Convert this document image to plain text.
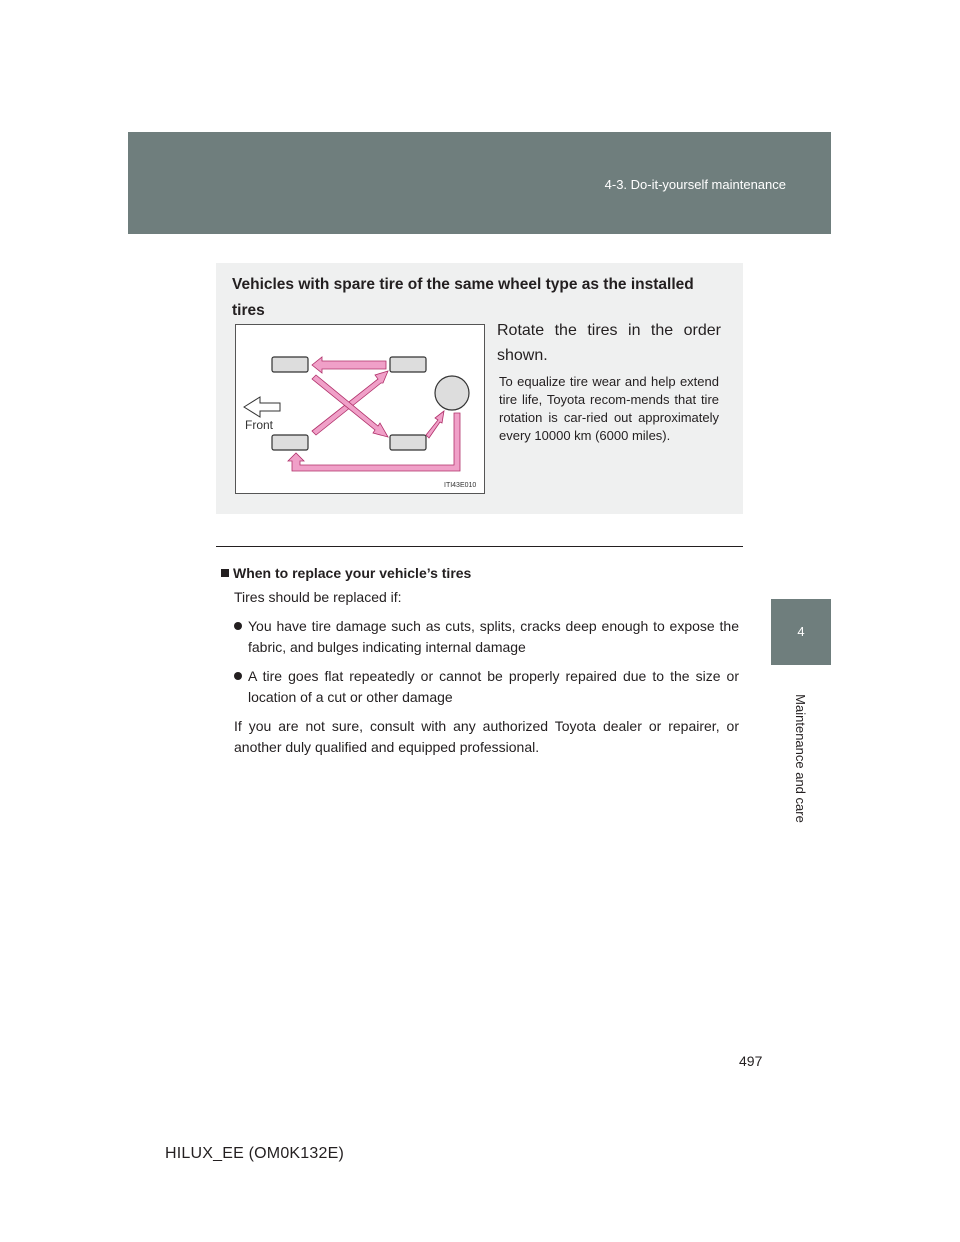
4-3. Do-it-yourself maintenance
4
Maintenance and care
Vehicles with spare tire of the same wheel type as the installed tires
Front
ITI43E010
Rotate the tires in the order shown.
To equalize tire wear and help extend tire life, Toyota recom-mends that tire rotation is car-ried out approximately every 10000 km (6000 miles).
When to replace your vehicle’s tires
Tires should be replaced if:
You have tire damage such as cuts, splits, cracks deep enough to expose the fabric, and bulges indicating internal damage
A tire goes flat repeatedly or cannot be properly repaired due to the size or location of a cut or other damage
If you are not sure, consult with any authorized Toyota dealer or repairer, or another duly qualified and equipped professional.
497
HILUX_EE (OM0K132E)
